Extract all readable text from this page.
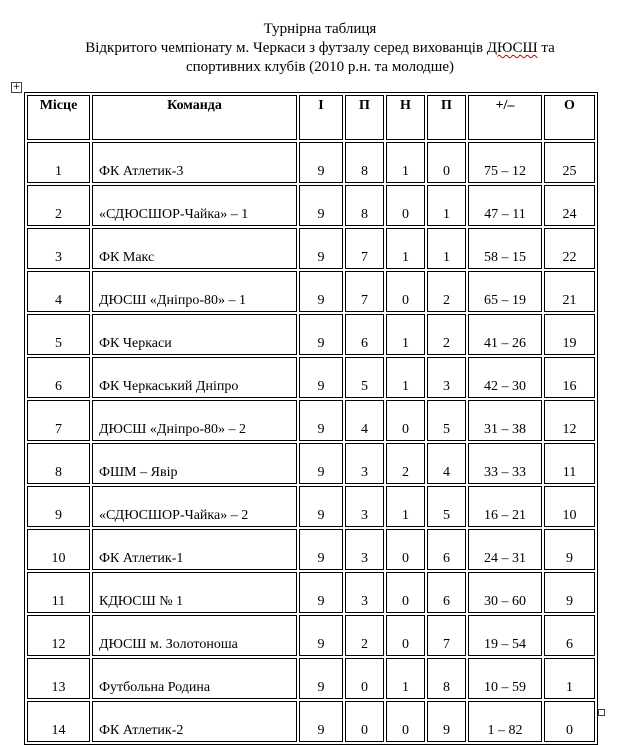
Турнірна таблиця
Відкритого чемпіонату м. Черкаси з футзалу серед вихованців ДЮСШ та
спортивних клубів (2010 р.н. та молодше)
+
Місце	Команда	І	П	Н	П	+/–	О
1	ФК Атлетик-3	9	8	1	0	75 – 12	25
2	«СДЮСШОР-Чайка» – 1	9	8	0	1	47 – 11	24
3	ФК Макс	9	7	1	1	58 – 15	22
4	ДЮСШ «Дніпро-80» – 1	9	7	0	2	65 – 19	21
5	ФК Черкаси	9	6	1	2	41 – 26	19
6	ФК Черкаський Дніпро	9	5	1	3	42 – 30	16
7	ДЮСШ «Дніпро-80» – 2	9	4	0	5	31 – 38	12
8	ФШМ – Явір	9	3	2	4	33 – 33	11
9	«СДЮСШОР-Чайка» – 2	9	3	1	5	16 – 21	10
10	ФК Атлетик-1	9	3	0	6	24 – 31	9
11	КДЮСШ № 1	9	3	0	6	30 – 60	9
12	ДЮСШ м. Золотоноша	9	2	0	7	19 – 54	6
13	Футбольна Родина	9	0	1	8	10 – 59	1
14	ФК Атлетик-2	9	0	0	9	1 – 82	0
